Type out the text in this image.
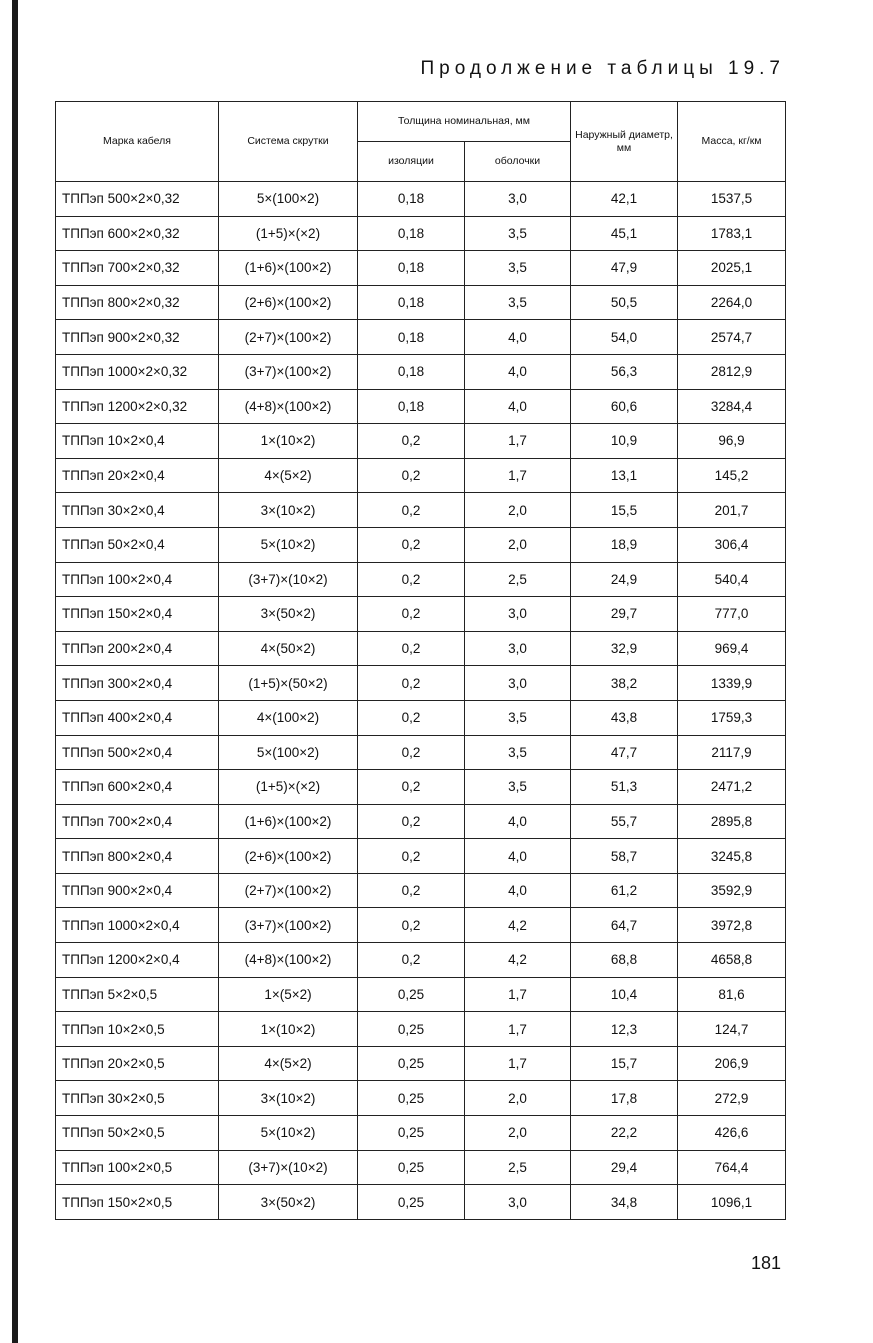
Продолжение таблицы 19.7
Марка кабеля	Система скрутки	Толщина номинальная, мм		Наружный диаметр, мм	Масса, кг/км
		изоляции	оболочки		
ТППэп 500×2×0,32	5×(100×2)	0,18	3,0	42,1	1537,5
ТППэп 600×2×0,32	(1+5)×(×2)	0,18	3,5	45,1	1783,1
ТППэп 700×2×0,32	(1+6)×(100×2)	0,18	3,5	47,9	2025,1
ТППэп 800×2×0,32	(2+6)×(100×2)	0,18	3,5	50,5	2264,0
ТППэп 900×2×0,32	(2+7)×(100×2)	0,18	4,0	54,0	2574,7
ТППэп 1000×2×0,32	(3+7)×(100×2)	0,18	4,0	56,3	2812,9
ТППэп 1200×2×0,32	(4+8)×(100×2)	0,18	4,0	60,6	3284,4
ТППэп 10×2×0,4	1×(10×2)	0,2	1,7	10,9	96,9
ТППэп 20×2×0,4	4×(5×2)	0,2	1,7	13,1	145,2
ТППэп 30×2×0,4	3×(10×2)	0,2	2,0	15,5	201,7
ТППэп 50×2×0,4	5×(10×2)	0,2	2,0	18,9	306,4
ТППэп 100×2×0,4	(3+7)×(10×2)	0,2	2,5	24,9	540,4
ТППэп 150×2×0,4	3×(50×2)	0,2	3,0	29,7	777,0
ТППэп 200×2×0,4	4×(50×2)	0,2	3,0	32,9	969,4
ТППэп 300×2×0,4	(1+5)×(50×2)	0,2	3,0	38,2	1339,9
ТППэп 400×2×0,4	4×(100×2)	0,2	3,5	43,8	1759,3
ТППэп 500×2×0,4	5×(100×2)	0,2	3,5	47,7	2117,9
ТППэп 600×2×0,4	(1+5)×(×2)	0,2	3,5	51,3	2471,2
ТППэп 700×2×0,4	(1+6)×(100×2)	0,2	4,0	55,7	2895,8
ТППэп 800×2×0,4	(2+6)×(100×2)	0,2	4,0	58,7	3245,8
ТППэп 900×2×0,4	(2+7)×(100×2)	0,2	4,0	61,2	3592,9
ТППэп 1000×2×0,4	(3+7)×(100×2)	0,2	4,2	64,7	3972,8
ТППэп 1200×2×0,4	(4+8)×(100×2)	0,2	4,2	68,8	4658,8
ТППэп 5×2×0,5	1×(5×2)	0,25	1,7	10,4	81,6
ТППэп 10×2×0,5	1×(10×2)	0,25	1,7	12,3	124,7
ТППэп 20×2×0,5	4×(5×2)	0,25	1,7	15,7	206,9
ТППэп 30×2×0,5	3×(10×2)	0,25	2,0	17,8	272,9
ТППэп 50×2×0,5	5×(10×2)	0,25	2,0	22,2	426,6
ТППэп 100×2×0,5	(3+7)×(10×2)	0,25	2,5	29,4	764,4
ТППэп 150×2×0,5	3×(50×2)	0,25	3,0	34,8	1096,1
181
